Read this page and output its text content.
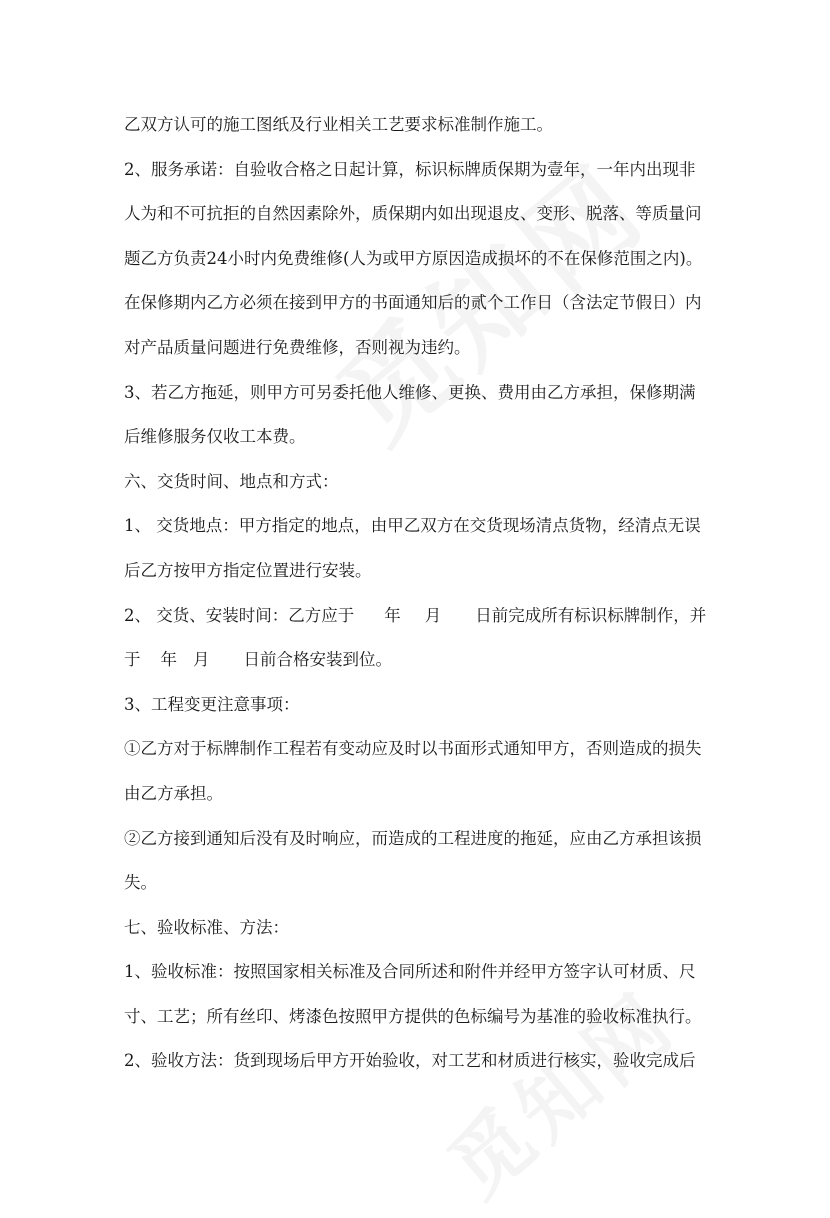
乙双方认可的施工图纸及行业相关工艺要求标准制作施工。
2、服务承诺：自验收合格之日起计算，标识标牌质保期为壹年，一年内出现非
人为和不可抗拒的自然因素除外，质保期内如出现退皮、变形、脱落、等质量问
题乙方负责24小时内免费维修(人为或甲方原因造成损坏的不在保修范围之内)。
在保修期内乙方必须在接到甲方的书面通知后的贰个工作日（含法定节假日）内
对产品质量问题进行免费维修，否则视为违约。
3、若乙方拖延，则甲方可另委托他人维修、更换、费用由乙方承担，保修期满
后维修服务仅收工本费。
六、交货时间、地点和方式：
1、 交货地点：甲方指定的地点，由甲乙双方在交货现场清点货物，经清点无误
后乙方按甲方指定位置进行安装。
2、 交货、安装时间：乙方应于 年 月 日前完成所有标识标牌制作，并
于 年 月 日前合格安装到位。
3、工程变更注意事项：
①乙方对于标牌制作工程若有变动应及时以书面形式通知甲方，否则造成的损失
由乙方承担。
②乙方接到通知后没有及时响应，而造成的工程进度的拖延，应由乙方承担该损
失。
七、验收标准、方法：
1、验收标准：按照国家相关标准及合同所述和附件并经甲方签字认可材质、尺
寸、工艺；所有丝印、烤漆色按照甲方提供的色标编号为基准的验收标准执行。
2、验收方法：货到现场后甲方开始验收，对工艺和材质进行核实，验收完成后
